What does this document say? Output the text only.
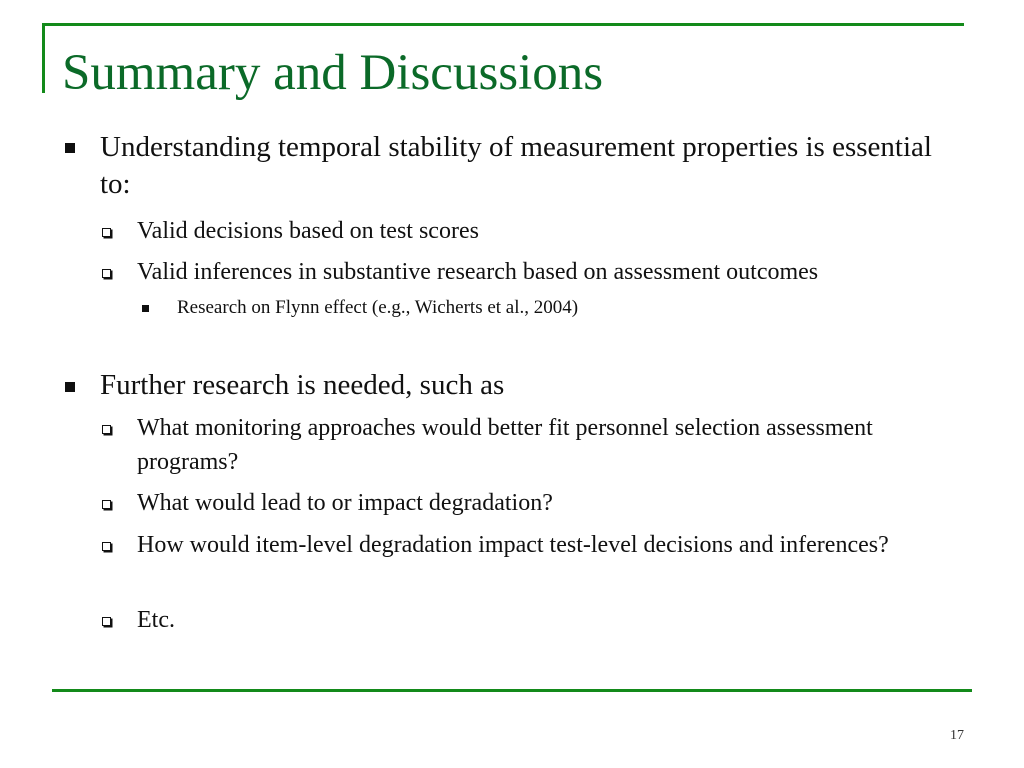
Summary and Discussions

Understanding temporal stability of measurement properties is essential to:

Valid decisions based on test scores

Valid inferences in substantive research based on assessment outcomes

Research on Flynn effect (e.g., Wicherts et al., 2004)

Further research is needed, such as

What monitoring approaches would better fit personnel selection assessment programs?

What would lead to or impact degradation?

How would item-level degradation impact test-level decisions and inferences?

Etc.

17
